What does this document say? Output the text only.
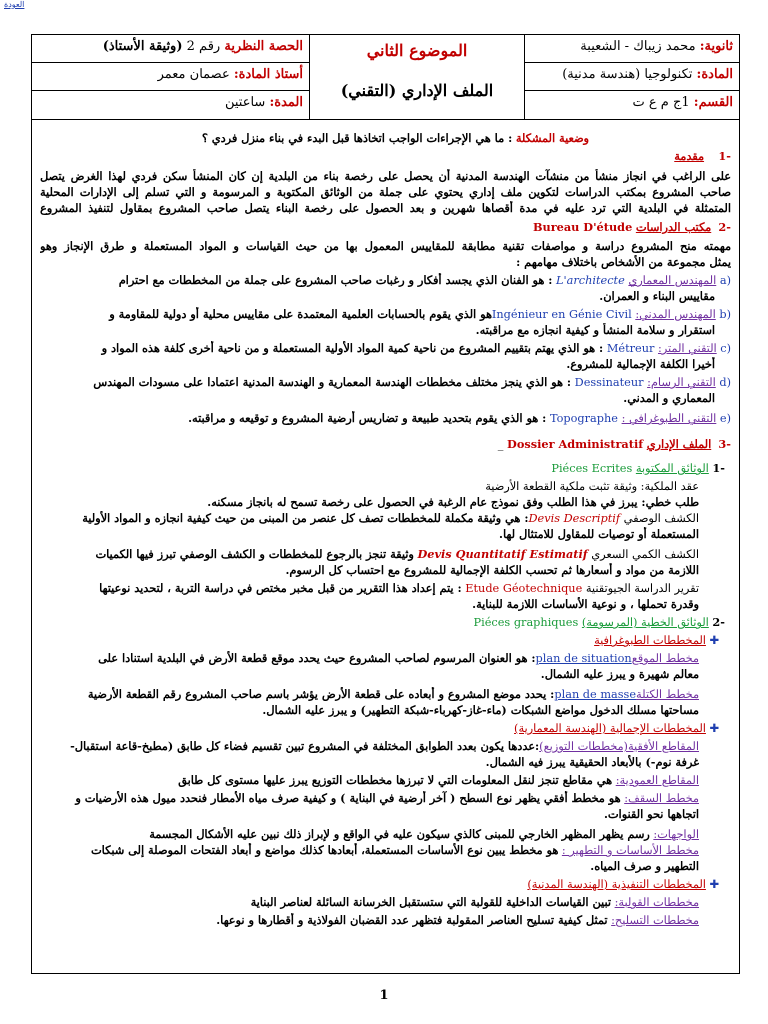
العودة
ثانوية: محمد زيباك - الشعيبة
المادة: تكنولوجيا (هندسة مدنية)
القسم: 1ج م ع ت
الموضوع الثاني
الملف الإداري (التقني)
الحصة النظرية رقم 2 (وثيقة الأستاذ)
أستاذ المادة: عصمان معمر
المدة: ساعتين
وضعية المشكلة : ما هي الإجراءات الواجب اتخاذها قبل البدء في بناء منزل فردي ؟
-1    مقدمة
على الراغب في انجاز منشأ من منشآت الهندسة المدنية أن يحصل على رخصة بناء من البلدية إن كان المنشأ سكن فردي لهذا الغرض يتصل
صاحب المشروع بمكتب الدراسات لتكوين ملف إداري يحتوي على جملة من الوثائق المكتوبة و المرسومة و التي تسلم إلى الإدارات المحلية
المتمثلة في البلدية التي ترد عليه في مدة أقصاها شهرين و بعد الحصول على رخصة البناء يتصل صاحب المشروع بمقاول لتنفيذ المشروع
-2  مكتب الدراسات Bureau D'étude
مهمته منح المشروع دراسة و مواصفات تقنية مطابقة للمقاييس المعمول بها من حيث القياسات و المواد المستعملة و طرق الإنجاز وهو
يمثل مجموعة من الأشخاص باختلاف مهامهم :
a) المهندس المعماري L'architecte : هو الفنان الذي يجسد أفكار و رغبات صاحب المشروع على جملة من المخططات مع احترام
مقاييس البناء و العمران.
b) المهندس المدني: Ingénieur en Génie Civilهو الذي يقوم بالحسابات العلمية المعتمدة على مقاييس محلية أو دولية للمقاومة و
استقرار و سلامة المنشأ و كيفية انجازه مع مراقبته.
c) التقني المتر: Métreur : هو الذي يهتم بتقييم المشروع من ناحية كمية المواد الأولية المستعملة و من ناحية أخرى كلفة هذه المواد و
أخيرا الكلفة الإجمالية للمشروع.
d) التقني الرسام: Dessinateur : هو الذي ينجز مختلف مخططات الهندسة المعمارية و الهندسة المدنية اعتمادا على مسودات المهندس
المعماري و المدني.
e) التقني الطبوغرافي : Topographe : هو الذي يقوم بتحديد طبيعة و تضاريس أرضية المشروع و توقيعه و مراقبته.
-3  الملف الإداري Dossier Administratif _
-1 الوثائق المكتوبة Piéces Ecrites
عقد الملكية: وثيقة تثبت ملكية القطعة الأرضية
طلب خطي: يبرز في هذا الطلب وفق نموذج عام الرغبة في الحصول على رخصة تسمح له بانجاز مسكنه.
الكشف الوصفي Devis Descriptif: هي وثيقة مكملة للمخططات تصف كل عنصر من المبنى من حيث كيفية انجازه و المواد الأولية
المستعملة أو توصيات للمقاول للامتثال لها.
الكشف الكمي السعري Devis Quantitatif Estimatif وثيقة تنجز بالرجوع للمخططات و الكشف الوصفي تبرز فيها الكميات
اللازمة من مواد و أسعارها ثم تحسب الكلفة الإجمالية للمشروع مع احتساب كل الرسوم.
تقرير الدراسة الجيوتقنية Etude Géotechnique : يتم إعداد هذا التقرير من قبل مخبر مختص في دراسة التربة ، لتحديد نوعيتها
وقدرة تحملها ، و نوعية الأساسات اللازمة للبناية.
-2 الوثائق الخطية (المرسومة) Piéces graphiques
✚ المخططات الطبوغرافية
مخطط الموقعplan de situation: هو العنوان المرسوم لصاحب المشروع حيث يحدد موقع قطعة الأرض في البلدية استنادا على
معالم شهيرة و يبرز عليه الشمال.
مخطط الكتلةplan de masse: يحدد موضع المشروع و أبعاده على قطعة الأرض يؤشر باسم صاحب المشروع رقم القطعة الأرضية
مساحتها مسلك الدخول مواضع الشبكات (ماء-غاز-كهرباء-شبكة التطهير) و يبرز عليه الشمال.
✚ المخططات الإجمالية (الهندسة المعمارية)
المقاطع الأفقية(مخططات التوزيع):عددها يكون بعدد الطوابق المختلفة في المشروع تبين تقسيم فضاء كل طابق (مطبخ-قاعة استقبال-
غرفة نوم-) بالأبعاد الحقيقية يبرز فيه الشمال.
المقاطع العمودية: هي مقاطع تنجز لنقل المعلومات التي لا تبرزها مخططات التوزيع يبرز عليها مستوى كل طابق
مخطط السقف: هو مخطط أفقي يظهر نوع السطح ( آخر أرضية في البناية ) و كيفية صرف مياه الأمطار فنحدد ميول هذه الأرضيات و
اتجاهها نحو القنوات.
الواجهات: رسم يظهر المظهر الخارجي للمبنى كالذي سيكون عليه في الواقع و لإبراز ذلك نبين عليه الأشكال المجسمة
مخطط الأساسات و التطهير : هو مخطط يبين نوع الأساسات المستعملة، أبعادها كذلك مواضع و أبعاد الفتحات الموصلة إلى شبكات
التطهير و صرف المياه.
✚ المخططات التنفيذية (الهندسة المدنية)
مخططات القولبة: تبين القياسات الداخلية للقولبة التي ستستقبل الخرسانة السائلة لعناصر البناية
مخططات التسليح: تمثل كيفية تسليح العناصر المقولبة فتظهر عدد القضبان الفولاذية و أقطارها و نوعها.
1
